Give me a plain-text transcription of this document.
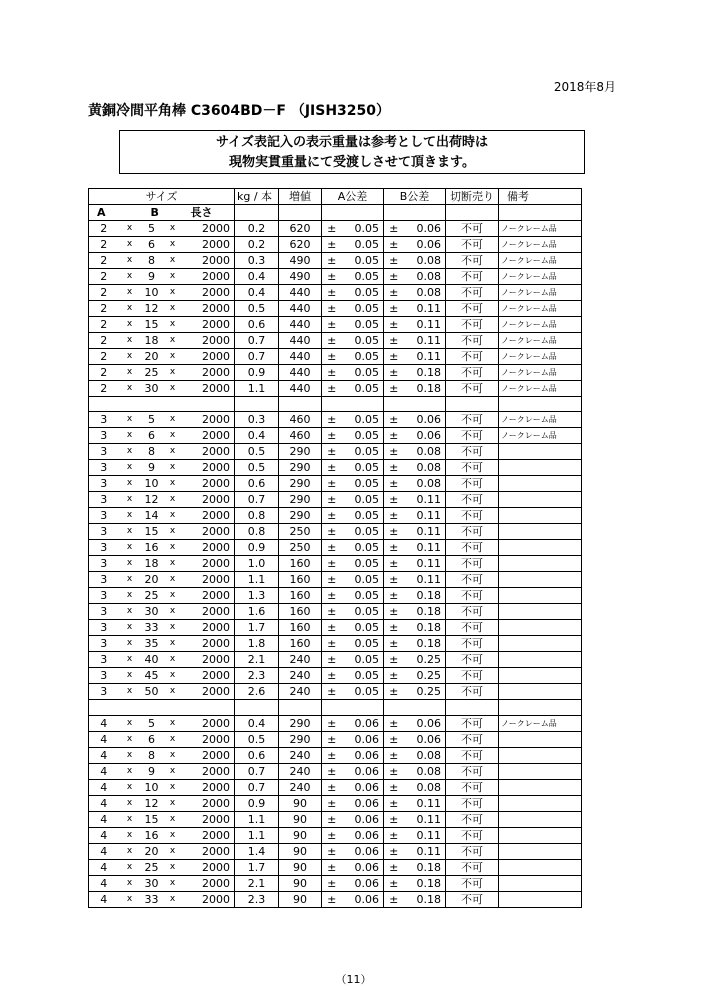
2018年8月
黄銅冷間平角棒 C3604BD－F （JISH3250）
サイズ表記入の表示重量は参考として出荷時は
現物実貫重量にて受渡しさせて頂きます。
サイズ					kg / 本	増値	A公差		B公差		切断売り	備考
A		B		長さ								
2	x	5	x	2000	0.2	620	±	0.05	±	0.06	不可	ノークレーム品
2	x	6	x	2000	0.2	620	±	0.05	±	0.06	不可	ノークレーム品
2	x	8	x	2000	0.3	490	±	0.05	±	0.08	不可	ノークレーム品
2	x	9	x	2000	0.4	490	±	0.05	±	0.08	不可	ノークレーム品
2	x	10	x	2000	0.4	440	±	0.05	±	0.08	不可	ノークレーム品
2	x	12	x	2000	0.5	440	±	0.05	±	0.11	不可	ノークレーム品
2	x	15	x	2000	0.6	440	±	0.05	±	0.11	不可	ノークレーム品
2	x	18	x	2000	0.7	440	±	0.05	±	0.11	不可	ノークレーム品
2	x	20	x	2000	0.7	440	±	0.05	±	0.11	不可	ノークレーム品
2	x	25	x	2000	0.9	440	±	0.05	±	0.18	不可	ノークレーム品
2	x	30	x	2000	1.1	440	±	0.05	±	0.18	不可	ノークレーム品

3	x	5	x	2000	0.3	460	±	0.05	±	0.06	不可	ノークレーム品
3	x	6	x	2000	0.4	460	±	0.05	±	0.06	不可	ノークレーム品
3	x	8	x	2000	0.5	290	±	0.05	±	0.08	不可	
3	x	9	x	2000	0.5	290	±	0.05	±	0.08	不可	
3	x	10	x	2000	0.6	290	±	0.05	±	0.08	不可	
3	x	12	x	2000	0.7	290	±	0.05	±	0.11	不可	
3	x	14	x	2000	0.8	290	±	0.05	±	0.11	不可	
3	x	15	x	2000	0.8	250	±	0.05	±	0.11	不可	
3	x	16	x	2000	0.9	250	±	0.05	±	0.11	不可	
3	x	18	x	2000	1.0	160	±	0.05	±	0.11	不可	
3	x	20	x	2000	1.1	160	±	0.05	±	0.11	不可	
3	x	25	x	2000	1.3	160	±	0.05	±	0.18	不可	
3	x	30	x	2000	1.6	160	±	0.05	±	0.18	不可	
3	x	33	x	2000	1.7	160	±	0.05	±	0.18	不可	
3	x	35	x	2000	1.8	160	±	0.05	±	0.18	不可	
3	x	40	x	2000	2.1	240	±	0.05	±	0.25	不可	
3	x	45	x	2000	2.3	240	±	0.05	±	0.25	不可	
3	x	50	x	2000	2.6	240	±	0.05	±	0.25	不可	

4	x	5	x	2000	0.4	290	±	0.06	±	0.06	不可	ノークレーム品
4	x	6	x	2000	0.5	290	±	0.06	±	0.06	不可	
4	x	8	x	2000	0.6	240	±	0.06	±	0.08	不可	
4	x	9	x	2000	0.7	240	±	0.06	±	0.08	不可	
4	x	10	x	2000	0.7	240	±	0.06	±	0.08	不可	
4	x	12	x	2000	0.9	90	±	0.06	±	0.11	不可	
4	x	15	x	2000	1.1	90	±	0.06	±	0.11	不可	
4	x	16	x	2000	1.1	90	±	0.06	±	0.11	不可	
4	x	20	x	2000	1.4	90	±	0.06	±	0.11	不可	
4	x	25	x	2000	1.7	90	±	0.06	±	0.18	不可	
4	x	30	x	2000	2.1	90	±	0.06	±	0.18	不可	
4	x	33	x	2000	2.3	90	±	0.06	±	0.18	不可	
（11）
